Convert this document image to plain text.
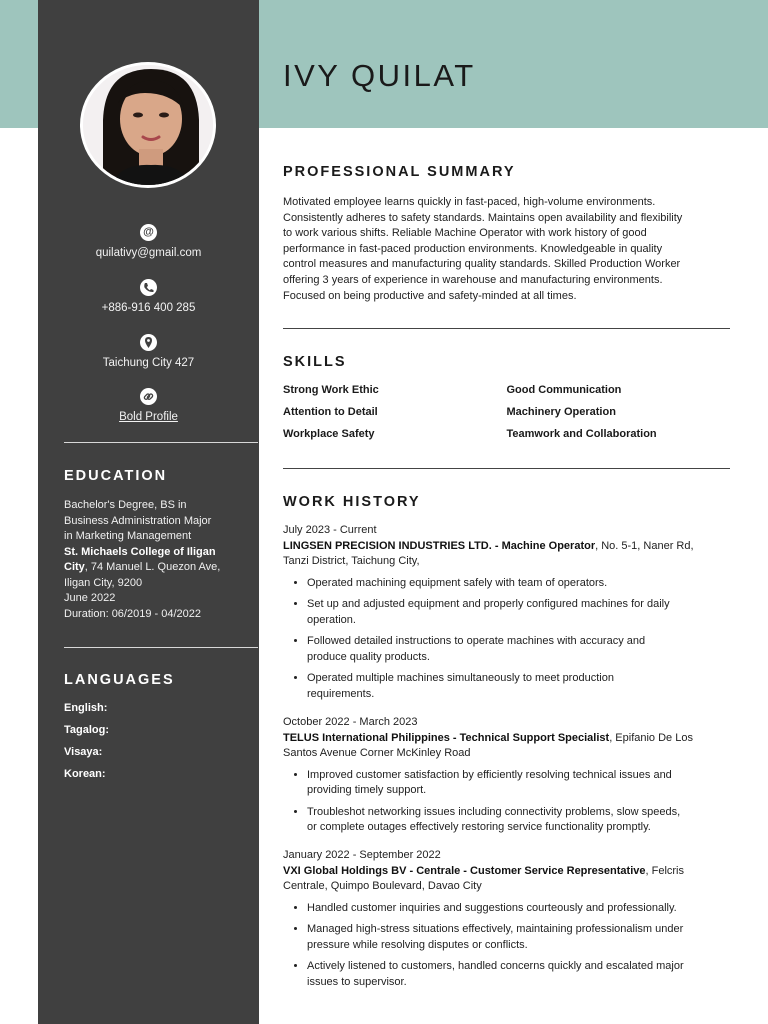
@
quilativy@gmail.com
+886-916 400 285
Taichung City 427
Bold Profile
EDUCATION
Bachelor's Degree, BS in
Business Administration Major
in Marketing Management
St. Michaels College of Iligan
City, 74 Manuel L. Quezon Ave,
Iligan City, 9200
June 2022
Duration: 06/2019 - 04/2022
LANGUAGES
English:
Tagalog:
Visaya:
Korean:
IVY QUILAT
PROFESSIONAL SUMMARY
Motivated employee learns quickly in fast-paced, high-volume environments.
Consistently adheres to safety standards. Maintains open availability and flexibility
to work various shifts. Reliable Machine Operator with work history of good
performance in fast-paced production environments. Knowledgeable in quality
control measures and manufacturing quality standards. Skilled Production Worker
offering 3 years of experience in warehouse and manufacturing environments.
Focused on being productive and safety-minded at all times.
SKILLS
Strong Work Ethic	Good Communication
Attention to Detail	Machinery Operation
Workplace Safety	Teamwork and Collaboration
WORK HISTORY
July 2023 - Current
LINGSEN PRECISION INDUSTRIES LTD. - Machine Operator, No. 5-1, Naner Rd,
Tanzi District, Taichung City,
• Operated machining equipment safely with team of operators.
• Set up and adjusted equipment and properly configured machines for daily
operation.
• Followed detailed instructions to operate machines with accuracy and
produce quality products.
• Operated multiple machines simultaneously to meet production
requirements.
October 2022 - March 2023
TELUS International Philippines - Technical Support Specialist, Epifanio De Los
Santos Avenue Corner McKinley Road
• Improved customer satisfaction by efficiently resolving technical issues and
providing timely support.
• Troubleshot networking issues including connectivity problems, slow speeds,
or complete outages effectively restoring service functionality promptly.
January 2022 - September 2022
VXI Global Holdings BV - Centrale - Customer Service Representative, Felcris
Centrale, Quimpo Boulevard, Davao City
• Handled customer inquiries and suggestions courteously and professionally.
• Managed high-stress situations effectively, maintaining professionalism under
pressure while resolving disputes or conflicts.
• Actively listened to customers, handled concerns quickly and escalated major
issues to supervisor.
